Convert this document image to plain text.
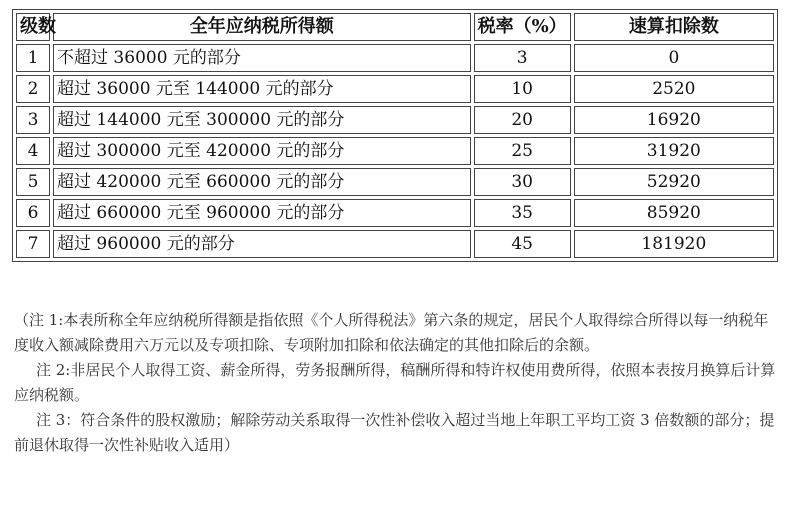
级数	全年应纳税所得额	税率（%）	速算扣除数
1	不超过 36000 元的部分	3	0
2	超过 36000 元至 144000 元的部分	10	2520
3	超过 144000 元至 300000 元的部分	20	16920
4	超过 300000 元至 420000 元的部分	25	31920
5	超过 420000 元至 660000 元的部分	30	52920
6	超过 660000 元至 960000 元的部分	35	85920
7	超过 960000 元的部分	45	181920

（注 1:本表所称全年应纳税所得额是指依照《个人所得税法》第六条的规定，居民个人取得综合所得以每一纳税年度收入额减除费用六万元以及专项扣除、专项附加扣除和依法确定的其他扣除后的余额。

注 2:非居民个人取得工资、薪金所得，劳务报酬所得，稿酬所得和特许权使用费所得，依照本表按月换算后计算应纳税额。

注 3：符合条件的股权激励；解除劳动关系取得一次性补偿收入超过当地上年职工平均工资 3 倍数额的部分；提前退休取得一次性补贴收入适用）
